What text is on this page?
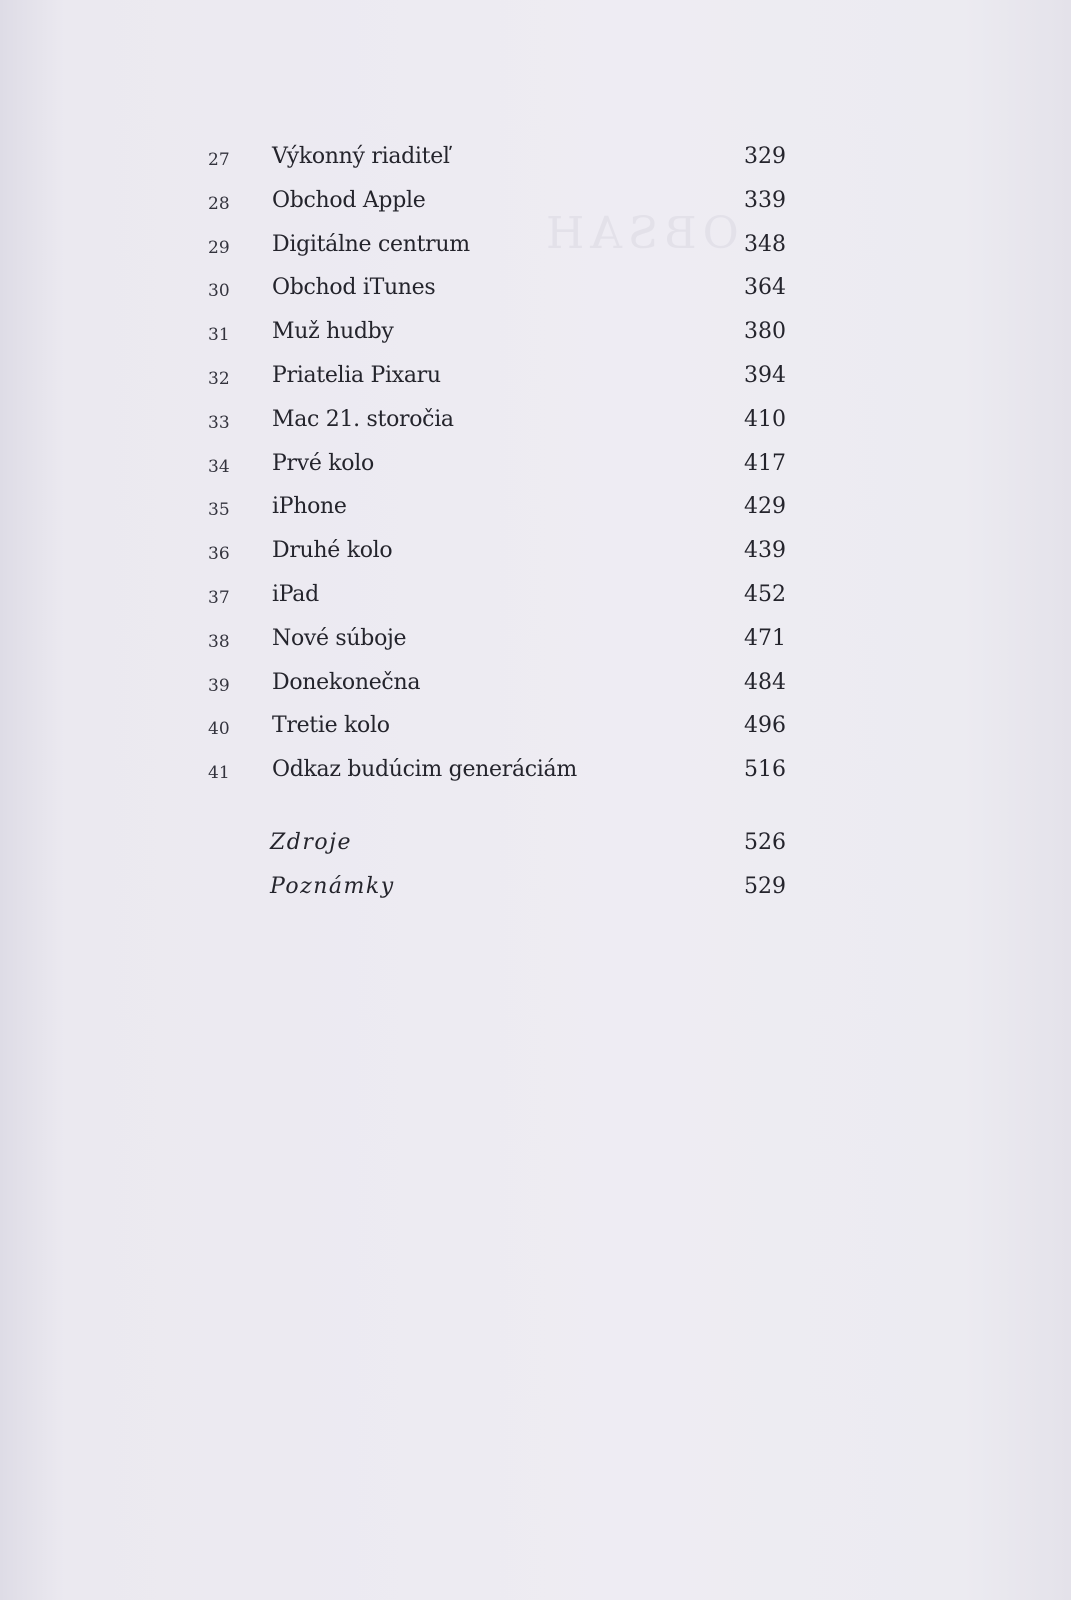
OBSAH
27 Výkonný riaditeľ	329
28 Obchod Apple	339
29 Digitálne centrum	348
30 Obchod iTunes	364
31 Muž hudby	380
32 Priatelia Pixaru	394
33 Mac 21. storočia	410
34 Prvé kolo	417
35 iPhone	429
36 Druhé kolo	439
37 iPad	452
38 Nové súboje	471
39 Donekonečna	484
40 Tretie kolo	496
41 Odkaz budúcim generáciám	516
Zdroje	526
Poznámky	529
